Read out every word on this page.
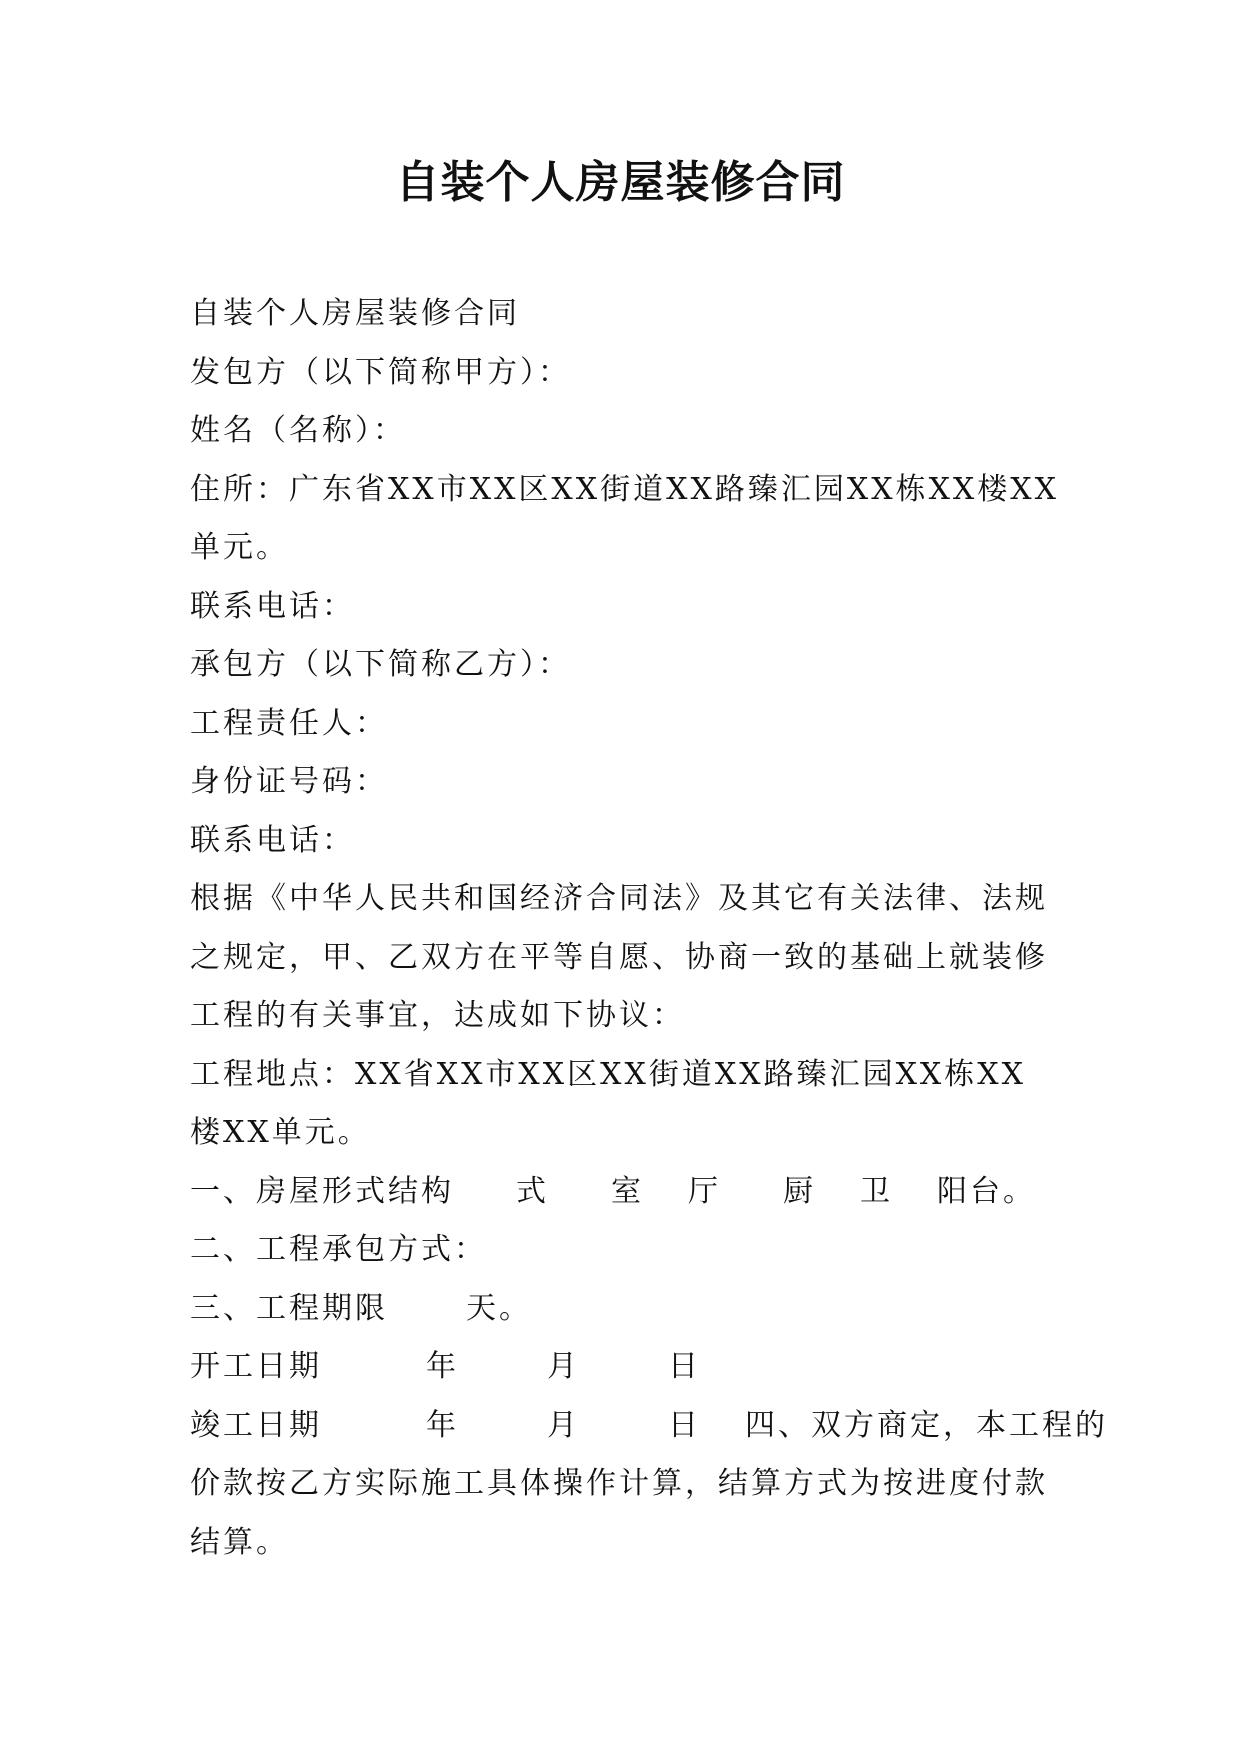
自装个人房屋装修合同
自装个人房屋装修合同
发包方（以下简称甲方）：
姓名（名称）：
住所：广东省XX市XX区XX街道XX路臻汇园XX栋XX楼XX
单元。
联系电话：
承包方（以下简称乙方）：
工程责任人：
身份证号码：
联系电话：
根据《中华人民共和国经济合同法》及其它有关法律、法规
之规定，甲、乙双方在平等自愿、协商一致的基础上就装修
工程的有关事宜，达成如下协议：
工程地点：XX省XX市XX区XX街道XX路臻汇园XX栋XX
楼XX单元。
一、房屋形式结构 式 室 厅 厨 卫 阳台。
二、工程承包方式：
三、工程期限	天。
开工日期	年	月	日
竣工日期	年	月	日 四、双方商定，本工程的
价款按乙方实际施工具体操作计算，结算方式为按进度付款
结算。
